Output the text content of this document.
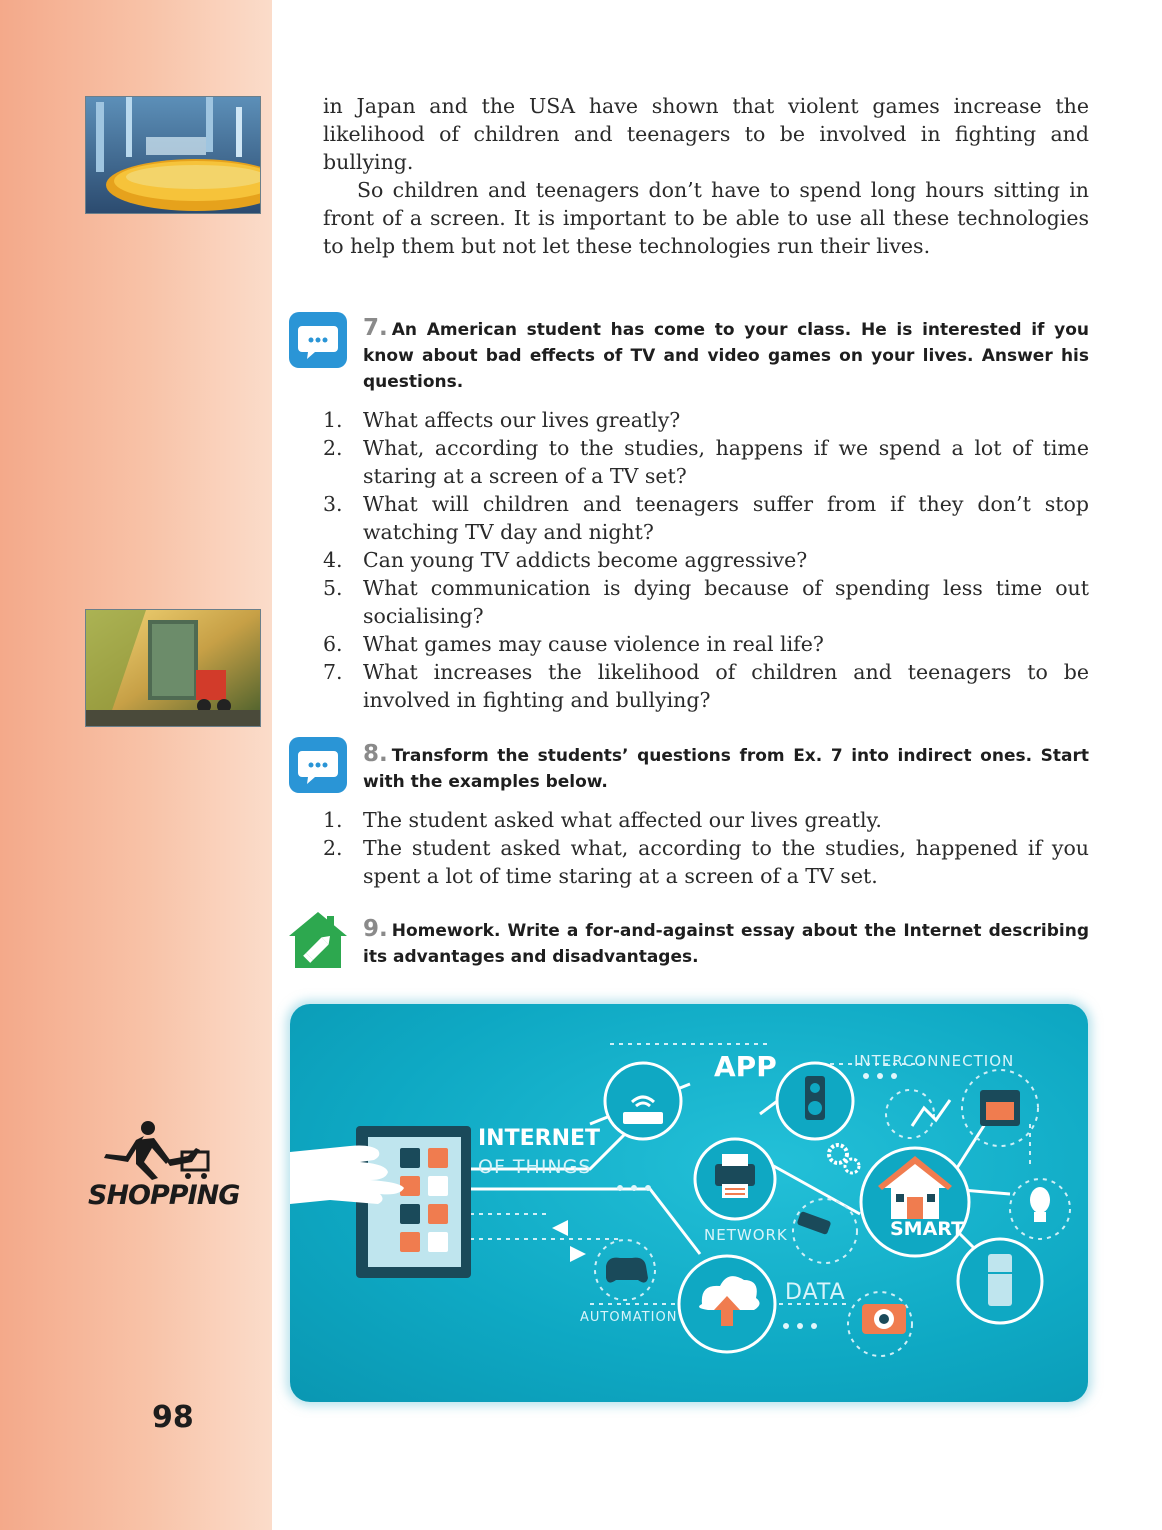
SHOPPING
98

in Japan and the USA have shown that violent games increase the likelihood of children and teenagers to be involved in fighting and bullying.

So children and teenagers don’t have to spend long hours sitting in front of a screen. It is important to be able to use all these technologies to help them but not let these technologies run their lives.

7. An American student has come to your class. He is interested if you know about bad effects of TV and video games on your lives. Answer his questions.

1. What affects our lives greatly?
2. What, according to the studies, happens if we spend a lot of time staring at a screen of a TV set?
3. What will children and teenagers suffer from if they don’t stop watching TV day and night?
4. Can young TV addicts become aggressive?
5. What communication is dying because of spending less time out socialising?
6. What games may cause violence in real life?
7. What increases the likelihood of children and teenagers to be involved in fighting and bullying?

8. Transform the students’ questions from Ex. 7 into indirect ones. Start with the examples below.

1. The student asked what affected our lives greatly.
2. The student asked what, according to the studies, happened if you spent a lot of time staring at a screen of a TV set.

9. Homework. Write a for-and-against essay about the Internet describing its advantages and disadvantages.

APP	INTERCONNECTION
INTERNET
OF THINGS
NETWORK	SMART
DATA
AUTOMATION
